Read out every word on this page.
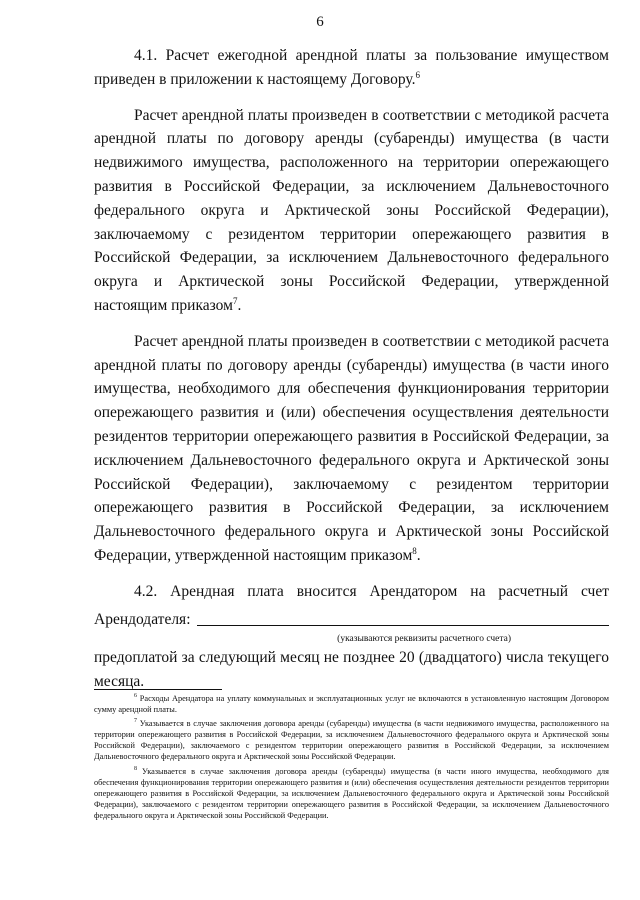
6

4.1. Расчет ежегодной арендной платы за пользование имуществом приведен в приложении к настоящему Договору.$^6$

Расчет арендной платы произведен в соответствии с методикой расчета арендной платы по договору аренды (субаренды) имущества (в части недвижимого имущества, расположенного на территории опережающего развития в Российской Федерации, за исключением Дальневосточного федерального округа и Арктической зоны Российской Федерации), заключаемому с резидентом территории опережающего развития в Российской Федерации, за исключением Дальневосточного федерального округа и Арктической зоны Российской Федерации, утвержденной настоящим приказом$^7$.

Расчет арендной платы произведен в соответствии с методикой расчета арендной платы по договору аренды (субаренды) имущества (в части иного имущества, необходимого для обеспечения функционирования территории опережающего развития и (или) обеспечения осуществления деятельности резидентов территории опережающего развития в Российской Федерации, за исключением Дальневосточного федерального округа и Арктической зоны Российской Федерации), заключаемому с резидентом территории опережающего развития в Российской Федерации, за исключением Дальневосточного федерального округа и Арктической зоны Российской Федерации, утвержденной настоящим приказом$^8$.

4.2. Арендная плата вносится Арендатором на расчетный счет

Арендодателя:
(указываются реквизиты расчетного счета)

предоплатой за следующий месяц не позднее 20 (двадцатого) числа текущего месяца.

$^6$ Расходы Арендатора на уплату коммунальных и эксплуатационных услуг не включаются в установленную настоящим Договором сумму арендной платы.

$^7$ Указывается в случае заключения договора аренды (субаренды) имущества (в части недвижимого имущества, расположенного на территории опережающего развития в Российской Федерации, за исключением Дальневосточного федерального округа и Арктической зоны Российской Федерации), заключаемого с резидентом территории опережающего развития в Российской Федерации, за исключением Дальневосточного федерального округа и Арктической зоны Российской Федерации.

$^8$ Указывается в случае заключения договора аренды (субаренды) имущества (в части иного имущества, необходимого для обеспечения функционирования территории опережающего развития и (или) обеспечения осуществления деятельности резидентов территории опережающего развития в Российской Федерации, за исключением Дальневосточного федерального округа и Арктической зоны Российской Федерации), заключаемого с резидентом территории опережающего развития в Российской Федерации, за исключением Дальневосточного федерального округа и Арктической зоны Российской Федерации.
